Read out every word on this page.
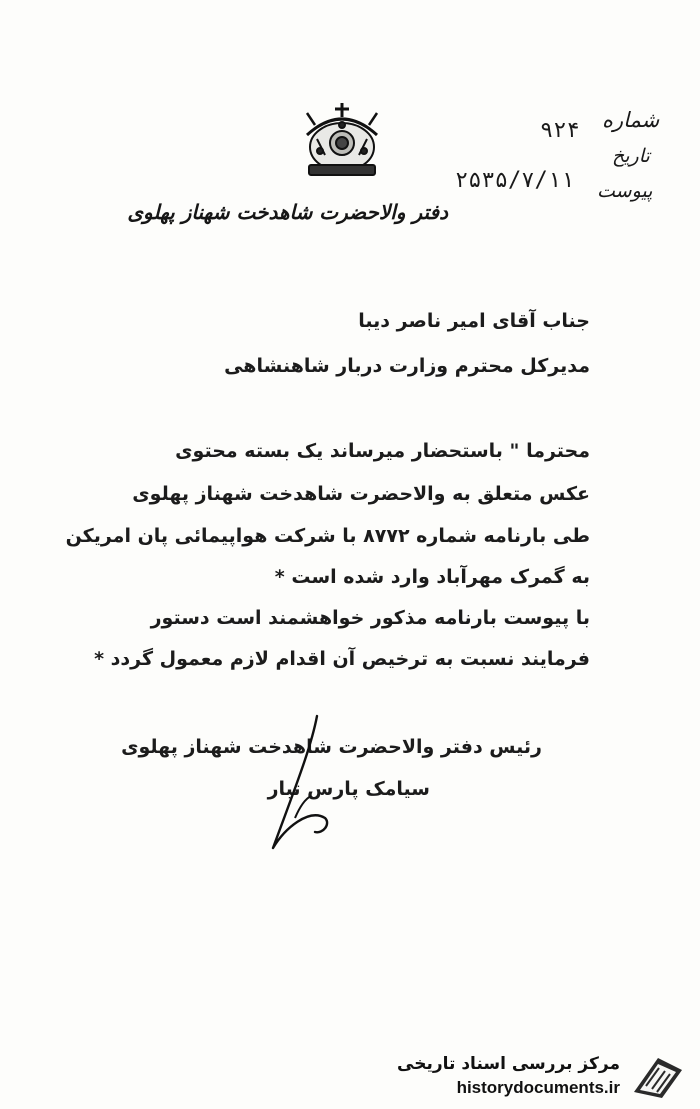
شماره
۹۲۴
تاریخ
۲۵۳۵/۷/۱۱ پیوست
دفتر والاحضرت شاهدخت شهناز پهلوی
جناب آقای امیر ناصر دیبا
مدیرکل محترم وزارت دربار شاهنشاهی
محترما " باستحضار میرساند یک بسته محتوی
عکس متعلق به والاحضرت شاهدخت شهناز پهلوی
طی بارنامه شماره ۸۷۷۲ با شرکت هواپیمائی پان امریکن
به گمرک مهرآباد وارد شده است *
با پیوست بارنامه مذکور خواهشمند است دستور
فرمایند نسبت به ترخیص آن اقدام لازم معمول گردد *
رئیس دفتر والاحضرت شاهدخت شهناز پهلوی
سیامک پارس تبار
مرکز بررسی اسناد تاریخی
historydocuments.ir
